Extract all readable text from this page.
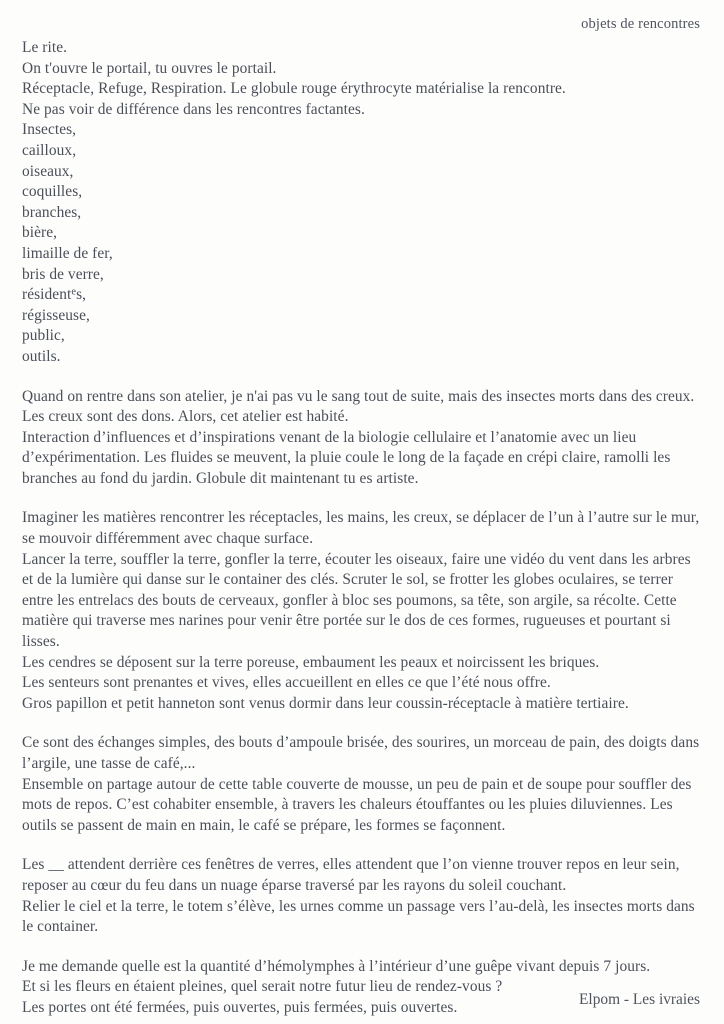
objets de rencontres

Le rite.

On t'ouvre le portail, tu ouvres le portail.

Réceptacle, Refuge, Respiration. Le globule rouge érythrocyte matérialise la rencontre.

Ne pas voir de différence dans les rencontres factantes.

Insectes,

cailloux,

oiseaux,

coquilles,

branches,

bière,

limaille de fer,

bris de verre,

résident$^e$s,

régisseuse,

public,

outils.

Quand on rentre dans son atelier, je n'ai pas vu le sang tout de suite, mais des insectes morts dans des creux. Les creux sont des dons. Alors, cet atelier est habité.

Interaction d’influences et d’inspirations venant de la biologie cellulaire et l’anatomie avec un lieu d’expérimentation. Les fluides se meuvent, la pluie coule le long de la façade en crépi claire, ramolli les branches au fond du jardin. Globule dit maintenant tu es artiste.

Imaginer les matières rencontrer les réceptacles, les mains, les creux, se déplacer de l’un à l’autre sur le mur, se mouvoir différemment avec chaque surface.

Lancer la terre, souffler la terre, gonfler la terre, écouter les oiseaux, faire une vidéo du vent dans les arbres et de la lumière qui danse sur le container des clés. Scruter le sol, se frotter les globes oculaires, se terrer entre les entrelacs des bouts de cerveaux, gonfler à bloc ses poumons, sa tête, son argile, sa récolte. Cette matière qui traverse mes narines pour venir être portée sur le dos de ces formes, rugueuses et pourtant si lisses.

Les cendres se déposent sur la terre poreuse, embaument les peaux et noircissent les briques.

Les senteurs sont prenantes et vives, elles accueillent en elles ce que l’été nous offre.

Gros papillon et petit hanneton sont venus dormir dans leur coussin-réceptacle à matière tertiaire.

Ce sont des échanges simples, des bouts d’ampoule brisée, des sourires, un morceau de pain, des doigts dans l’argile, une tasse de café,...

Ensemble on partage autour de cette table couverte de mousse, un peu de pain et de soupe pour souffler des mots de repos. C’est cohabiter ensemble, à travers les chaleurs étouffantes ou les pluies diluviennes. Les outils se passent de main en main, le café se prépare, les formes se façonnent.

Les __ attendent derrière ces fenêtres de verres, elles attendent que l’on vienne trouver repos en leur sein, reposer au cœur du feu dans un nuage éparse traversé par les rayons du soleil couchant.

Relier le ciel et la terre, le totem s’élève, les urnes comme un passage vers l’au-delà, les insectes morts dans le container.

Je me demande quelle est la quantité d’hémolymphes à l’intérieur d’une guêpe vivant depuis 7 jours.

Et si les fleurs en étaient pleines, quel serait notre futur lieu de rendez-vous ?

Les portes ont été fermées, puis ouvertes, puis fermées, puis ouvertes.	Elpom - Les ivraies
